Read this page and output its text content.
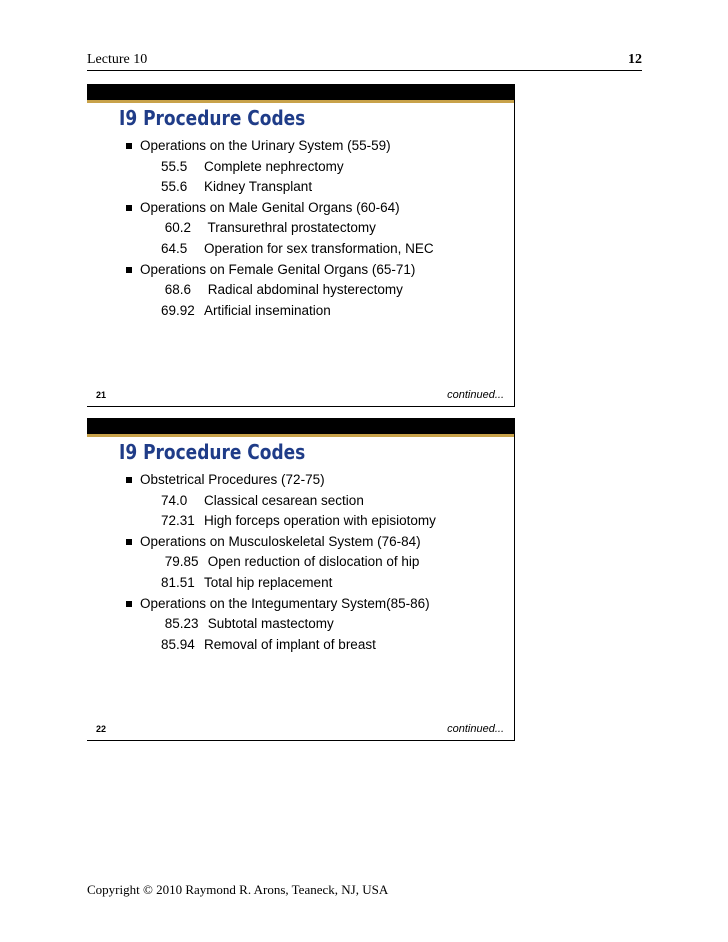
Lecture 10	12
I9 Procedure Codes
Operations on the Urinary System (55-59)
55.5 Complete nephrectomy
55.6 Kidney Transplant
Operations on Male Genital Organs (60-64)
60.2 Transurethral prostatectomy
64.5 Operation for sex transformation, NEC
Operations on Female Genital Organs (65-71)
68.6 Radical abdominal hysterectomy
69.92 Artificial insemination
21	continued...
I9 Procedure Codes
Obstetrical Procedures (72-75)
74.0 Classical cesarean section
72.31 High forceps operation with episiotomy
Operations on Musculoskeletal System (76-84)
79.85 Open reduction of dislocation of hip
81.51 Total hip replacement
Operations on the Integumentary System(85-86)
85.23 Subtotal mastectomy
85.94 Removal of implant of breast
22	continued...
Copyright © 2010 Raymond R. Arons, Teaneck, NJ, USA
